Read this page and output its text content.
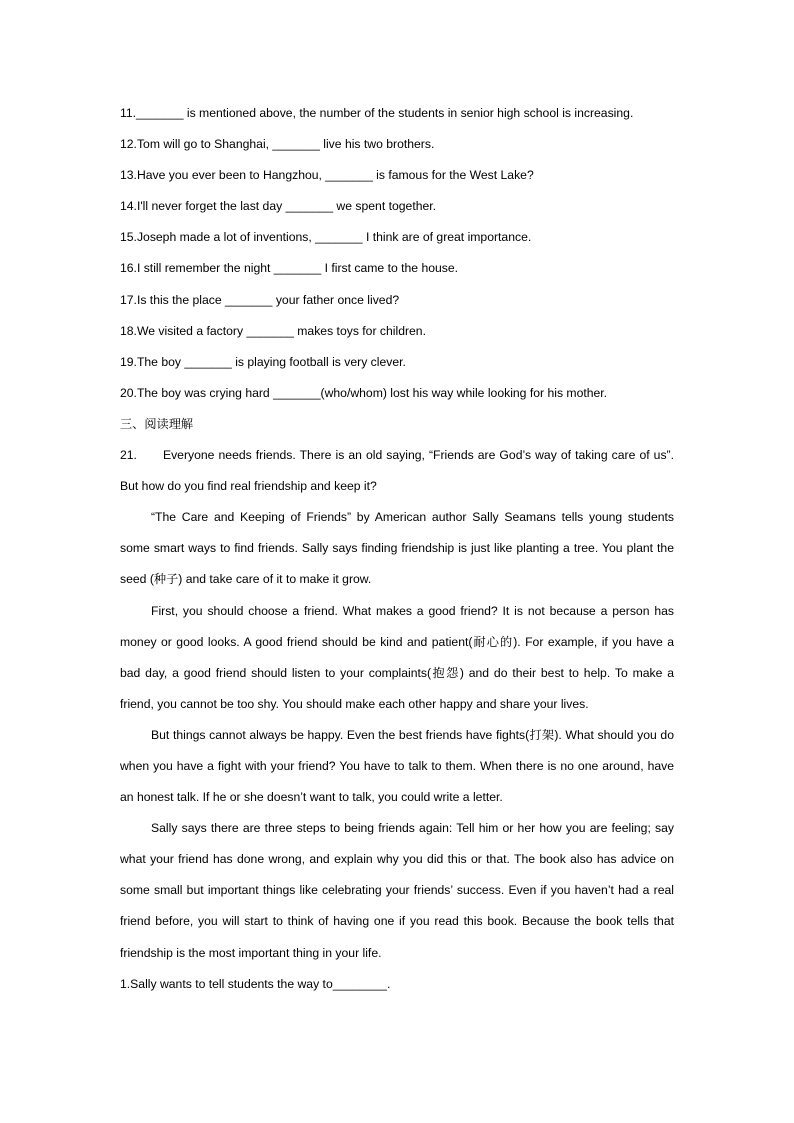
11._______ is mentioned above, the number of the students in senior high school is increasing.
12.Tom will go to Shanghai, _______ live his two brothers.
13.Have you ever been to Hangzhou, _______ is famous for the West Lake?
14.I'll never forget the last day _______ we spent together.
15.Joseph made a lot of inventions, _______ I think are of great importance.
16.I still remember the night _______ I first came to the house.
17.Is this the place _______ your father once lived?
18.We visited a factory _______ makes toys for children.
19.The boy _______ is playing football is very clever.
20.The boy was crying hard _______(who/whom) lost his way while looking for his mother.
三、阅读理解

21. Everyone needs friends. There is an old saying, “Friends are God’s way of taking care of us”. But how do you find real friendship and keep it?

“The Care and Keeping of Friends” by American author Sally Seamans tells young students some smart ways to find friends. Sally says finding friendship is just like planting a tree. You plant the seed (种子) and take care of it to make it grow.

First, you should choose a friend. What makes a good friend? It is not because a person has money or good looks. A good friend should be kind and patient(耐心的). For example, if you have a bad day, a good friend should listen to your complaints(抱怨) and do their best to help. To make a friend, you cannot be too shy. You should make each other happy and share your lives.

But things cannot always be happy. Even the best friends have fights(打架). What should you do when you have a fight with your friend? You have to talk to them. When there is no one around, have an honest talk. If he or she doesn’t want to talk, you could write a letter.

Sally says there are three steps to being friends again: Tell him or her how you are feeling; say what your friend has done wrong, and explain why you did this or that. The book also has advice on some small but important things like celebrating your friends’ success. Even if you haven’t had a real friend before, you will start to think of having one if you read this book. Because the book tells that friendship is the most important thing in your life.

1.Sally wants to tell students the way to________.
